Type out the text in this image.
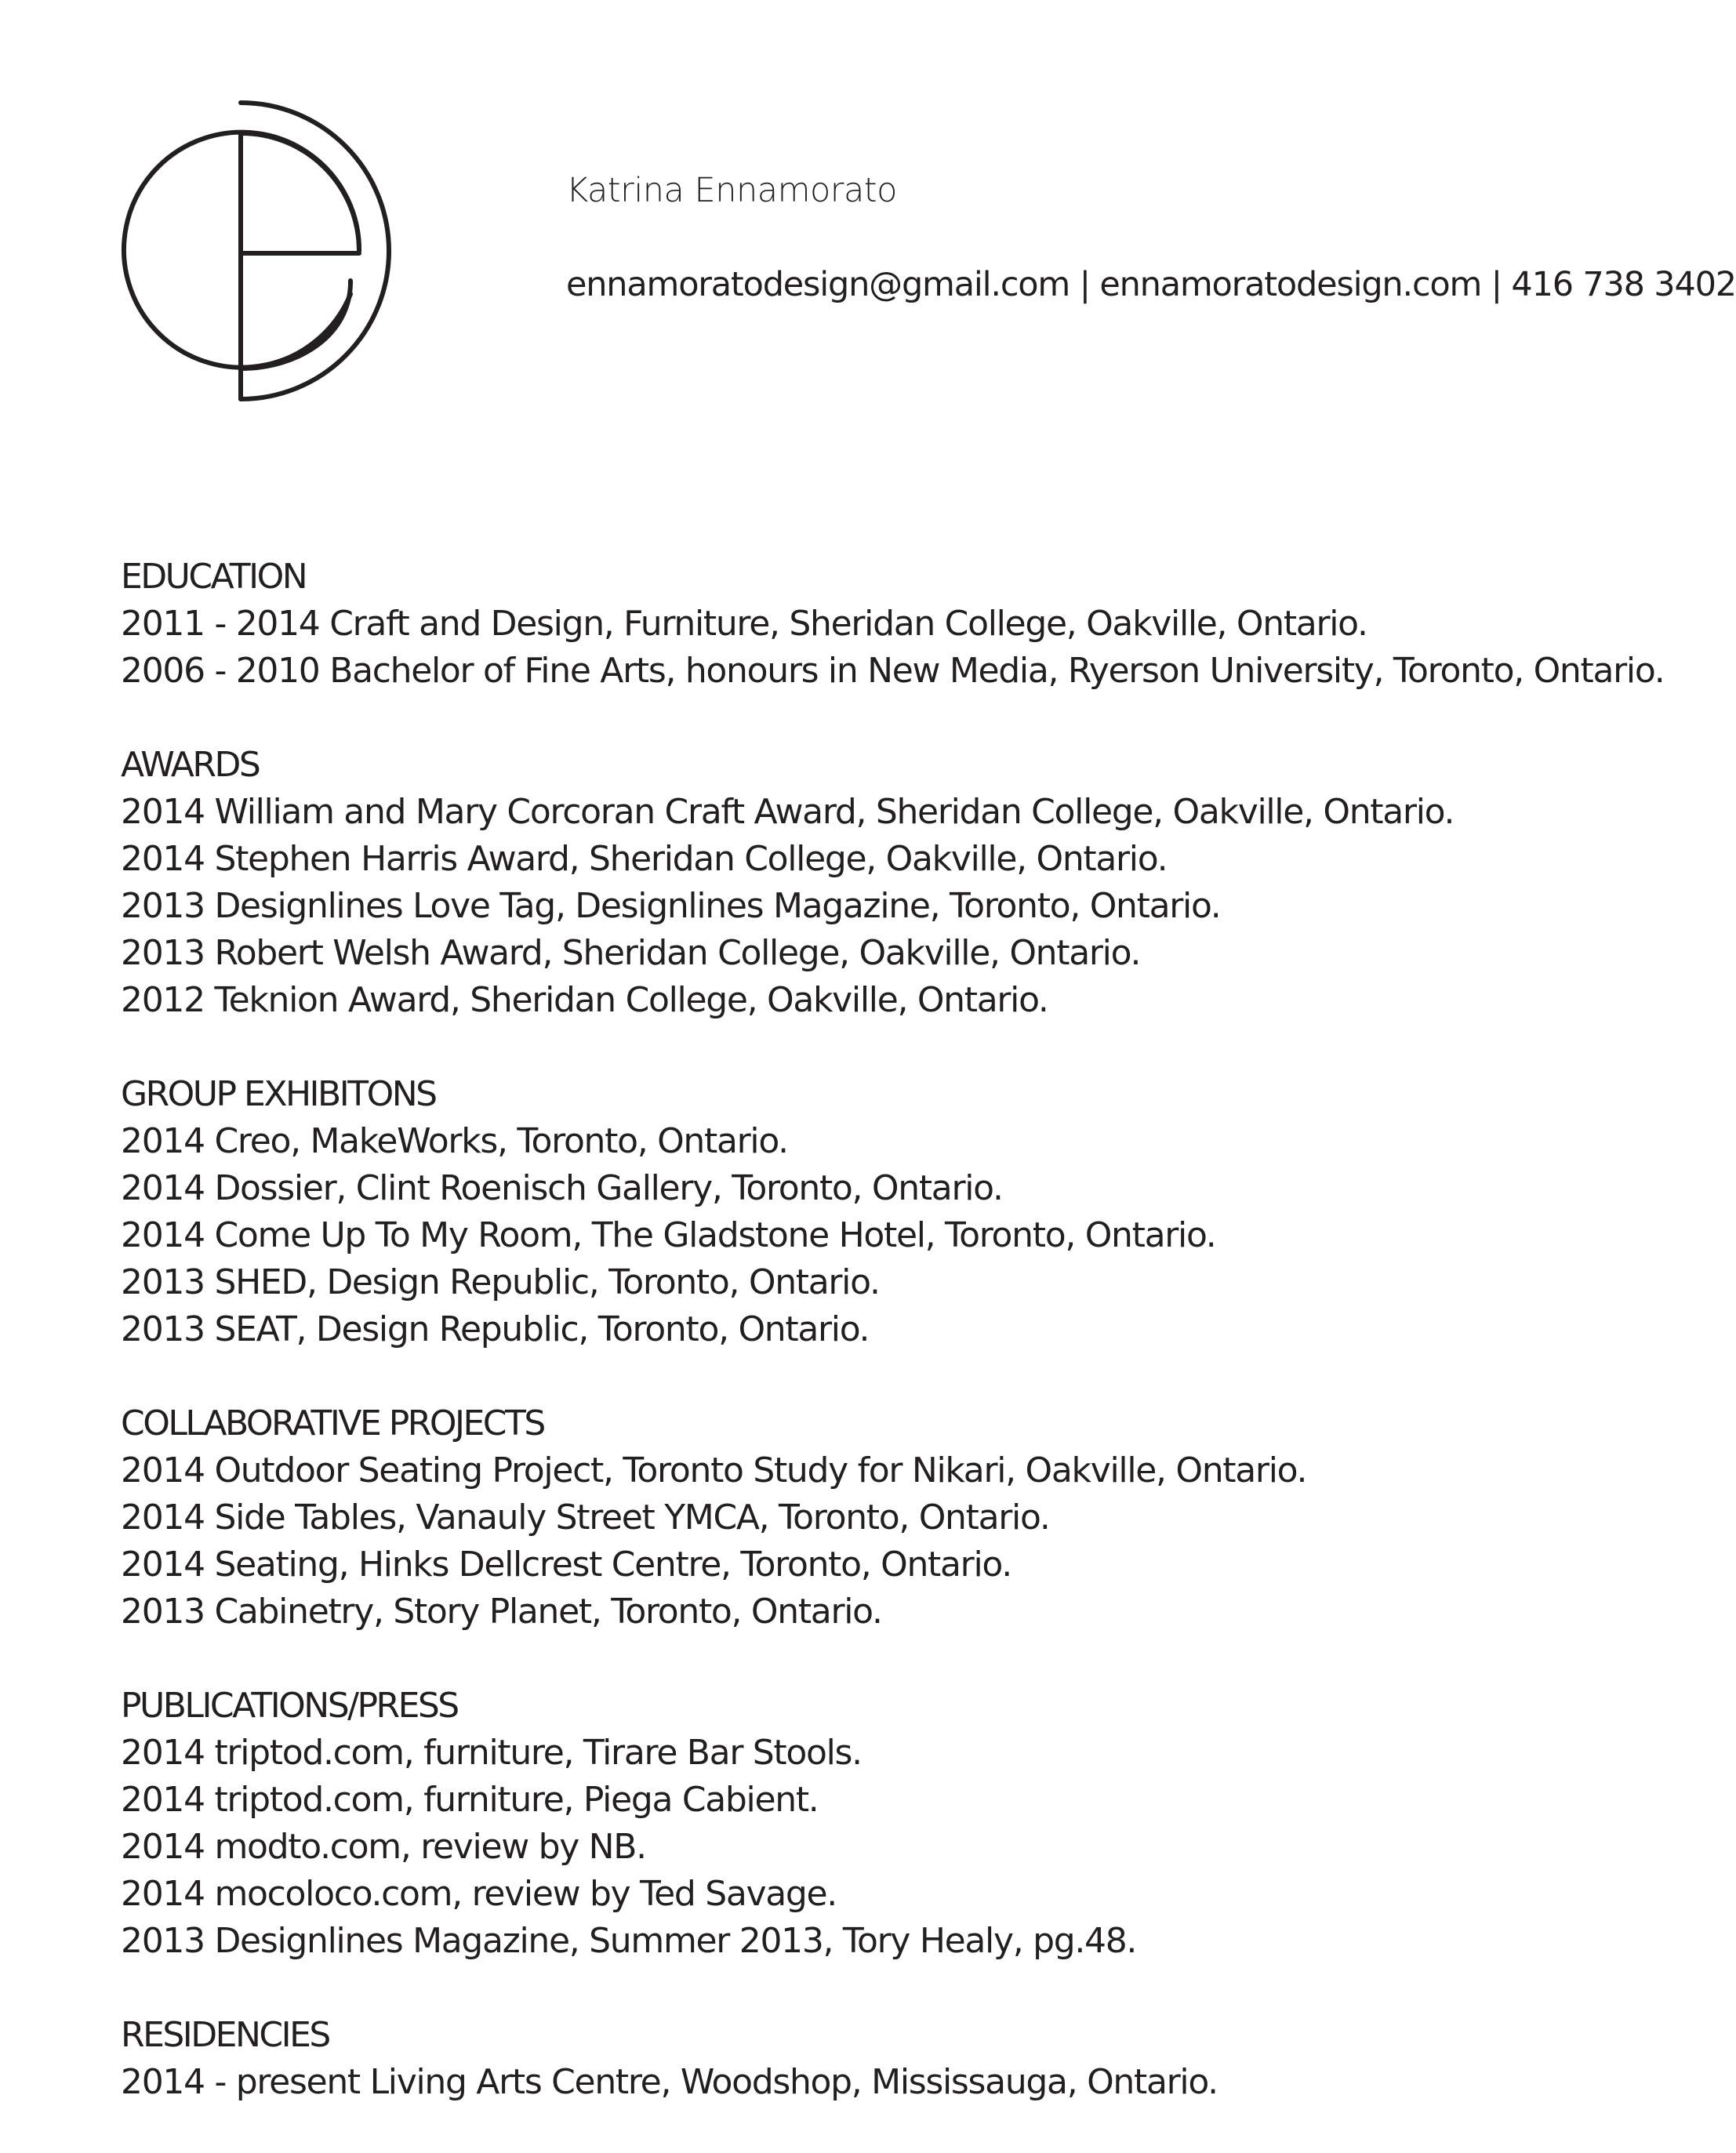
Katrina Ennamorato
ennamoratodesign@gmail.com | ennamoratodesign.com | 416 738 3402
EDUCATION
2011 - 2014 Craft and Design, Furniture, Sheridan College, Oakville, Ontario.
2006 - 2010 Bachelor of Fine Arts, honours in New Media, Ryerson University, Toronto, Ontario.
AWARDS
2014 William and Mary Corcoran Craft Award, Sheridan College, Oakville, Ontario.
2014 Stephen Harris Award, Sheridan College, Oakville, Ontario.
2013 Designlines Love Tag, Designlines Magazine, Toronto, Ontario.
2013 Robert Welsh Award, Sheridan College, Oakville, Ontario.
2012 Teknion Award, Sheridan College, Oakville, Ontario.
GROUP EXHIBITONS
2014 Creo, MakeWorks, Toronto, Ontario.
2014 Dossier, Clint Roenisch Gallery, Toronto, Ontario.
2014 Come Up To My Room, The Gladstone Hotel, Toronto, Ontario.
2013 SHED, Design Republic, Toronto, Ontario.
2013 SEAT, Design Republic, Toronto, Ontario.
COLLABORATIVE PROJECTS
2014 Outdoor Seating Project, Toronto Study for Nikari, Oakville, Ontario.
2014 Side Tables, Vanauly Street YMCA, Toronto, Ontario.
2014 Seating, Hinks Dellcrest Centre, Toronto, Ontario.
2013 Cabinetry, Story Planet, Toronto, Ontario.
PUBLICATIONS/PRESS
2014 triptod.com, furniture, Tirare Bar Stools.
2014 triptod.com, furniture, Piega Cabient.
2014 modto.com, review by NB.
2014 mocoloco.com, review by Ted Savage.
2013 Designlines Magazine, Summer 2013, Tory Healy, pg.48.
RESIDENCIES
2014 - present Living Arts Centre, Woodshop, Mississauga, Ontario.
